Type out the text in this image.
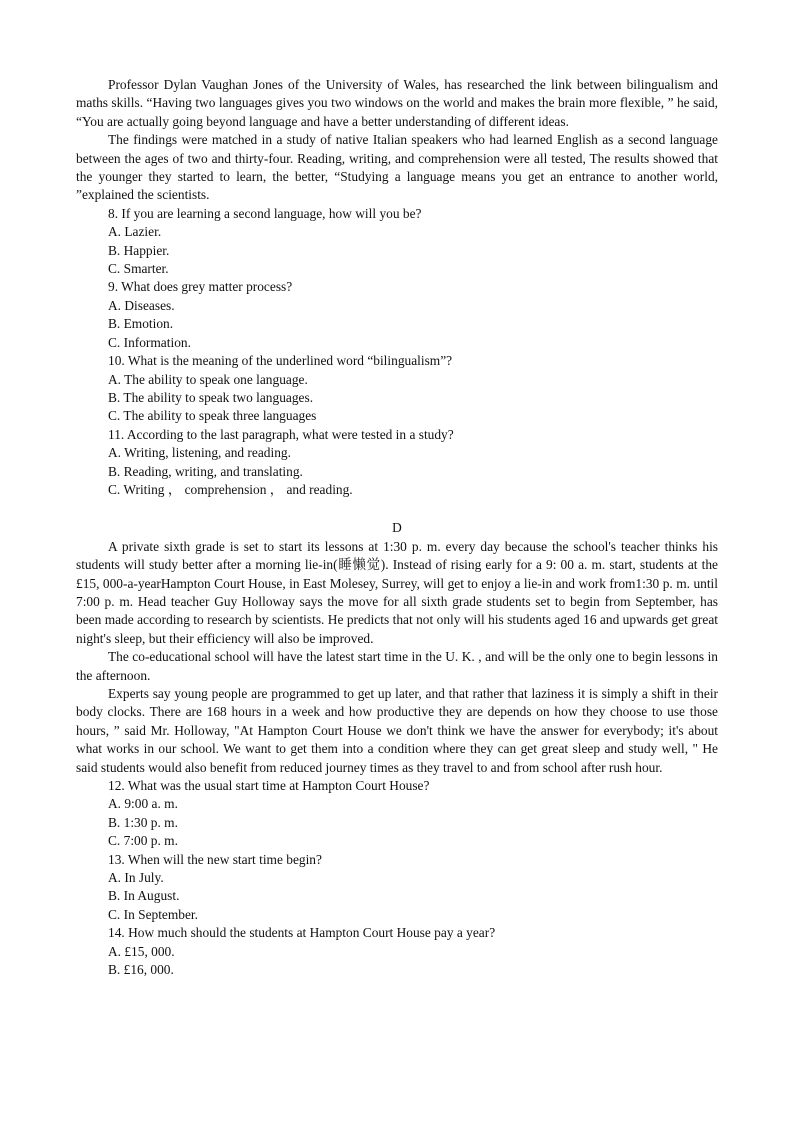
Professor Dylan Vaughan Jones of the University of Wales, has researched the link between bilingualism and maths skills. “Having two languages gives you two windows on the world and makes the brain more flexible, ” he said, “You are actually going beyond language and have a better understanding of different ideas.

The findings were matched in a study of native Italian speakers who had learned English as a second language between the ages of two and thirty-four. Reading, writing, and comprehension were all tested, The results showed that the younger they started to learn, the better, “Studying a language means you get an entrance to another world, ”explained the scientists.

8. If you are learning a second language, how will you be?

A. Lazier.

B. Happier.

C. Smarter.

9. What does grey matter process?

A. Diseases.

B. Emotion.

C. Information.

10. What is the meaning of the underlined word “bilingualism”?

A. The ability to speak one language.

B. The ability to speak two languages.

C. The ability to speak three languages

11. According to the last paragraph, what were tested in a study?

A. Writing, listening, and reading.

B. Reading, writing, and translating.

C. Writing ， comprehension ， and reading.

D

A private sixth grade is set to start its lessons at 1:30 p. m. every day because the school's teacher thinks his students will study better after a morning lie-in(睡懒觉). Instead of rising early for a 9: 00 a. m. start, students at the £15, 000-a-yearHampton Court House, in East Molesey, Surrey, will get to enjoy a lie-in and work from1:30 p. m. until 7:00 p. m. Head teacher Guy Holloway says the move for all sixth grade students set to begin from September, has been made according to research by scientists. He predicts that not only will his students aged 16 and upwards get great night's sleep, but their efficiency will also be improved.

The co-educational school will have the latest start time in the U. K. , and will be the only one to begin lessons in the afternoon.

Experts say young people are programmed to get up later, and that rather that laziness it is simply a shift in their body clocks. There are 168 hours in a week and how productive they are depends on how they choose to use those hours, ” said Mr. Holloway, "At Hampton Court House we don't think we have the answer for everybody; it's about what works in our school. We want to get them into a condition where they can get great sleep and study well, " He said students would also benefit from reduced journey times as they travel to and from school after rush hour.

12. What was the usual start time at Hampton Court House?

A. 9:00 a. m.

B. 1:30 p. m.

C. 7:00 p. m.

13. When will the new start time begin?

A. In July.

B. In August.

C. In September.

14. How much should the students at Hampton Court House pay a year?

A. £15, 000.

B. £16, 000.
